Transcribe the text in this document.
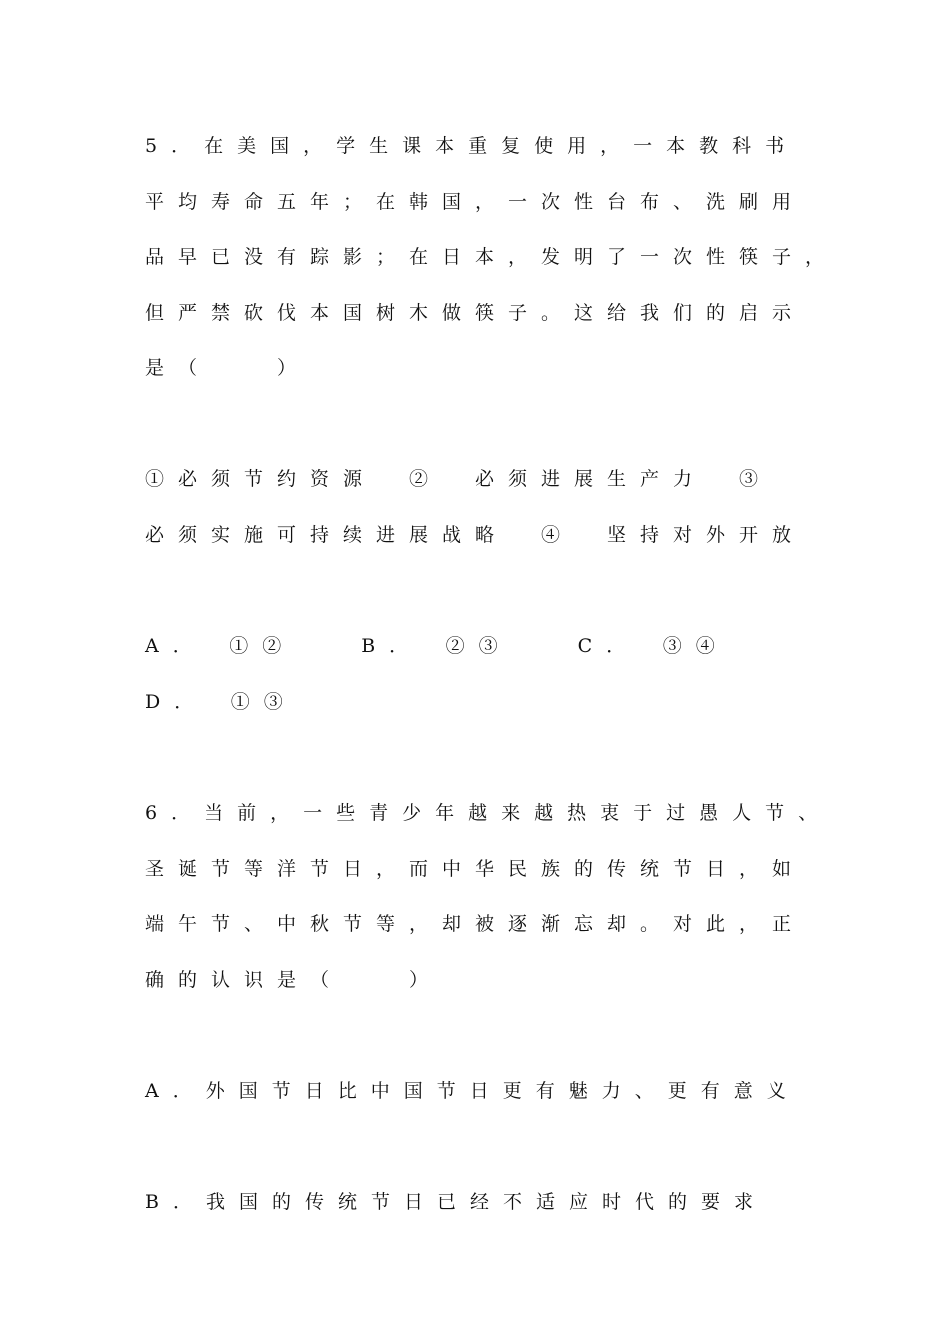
5．在美国，学生课本重复使用，一本教科书
平均寿命五年；在韩国，一次性台布、洗刷用
品早已没有踪影；在日本，发明了一次性筷子，
但严禁砍伐本国树木做筷子。这给我们的启示
是（　　）
①必须节约资源　②　必须进展生产力　③
必须实施可持续进展战略　④　坚持对外开放
A．　①②　　B．　②③　　C．　③④
D．　①③
6．当前，一些青少年越来越热衷于过愚人节、
圣诞节等洋节日，而中华民族的传统节日，如
端午节、中秋节等，却被逐渐忘却。对此，正
确的认识是（　　）
A．外国节日比中国节日更有魅力、更有意义
B．我国的传统节日已经不适应时代的要求
